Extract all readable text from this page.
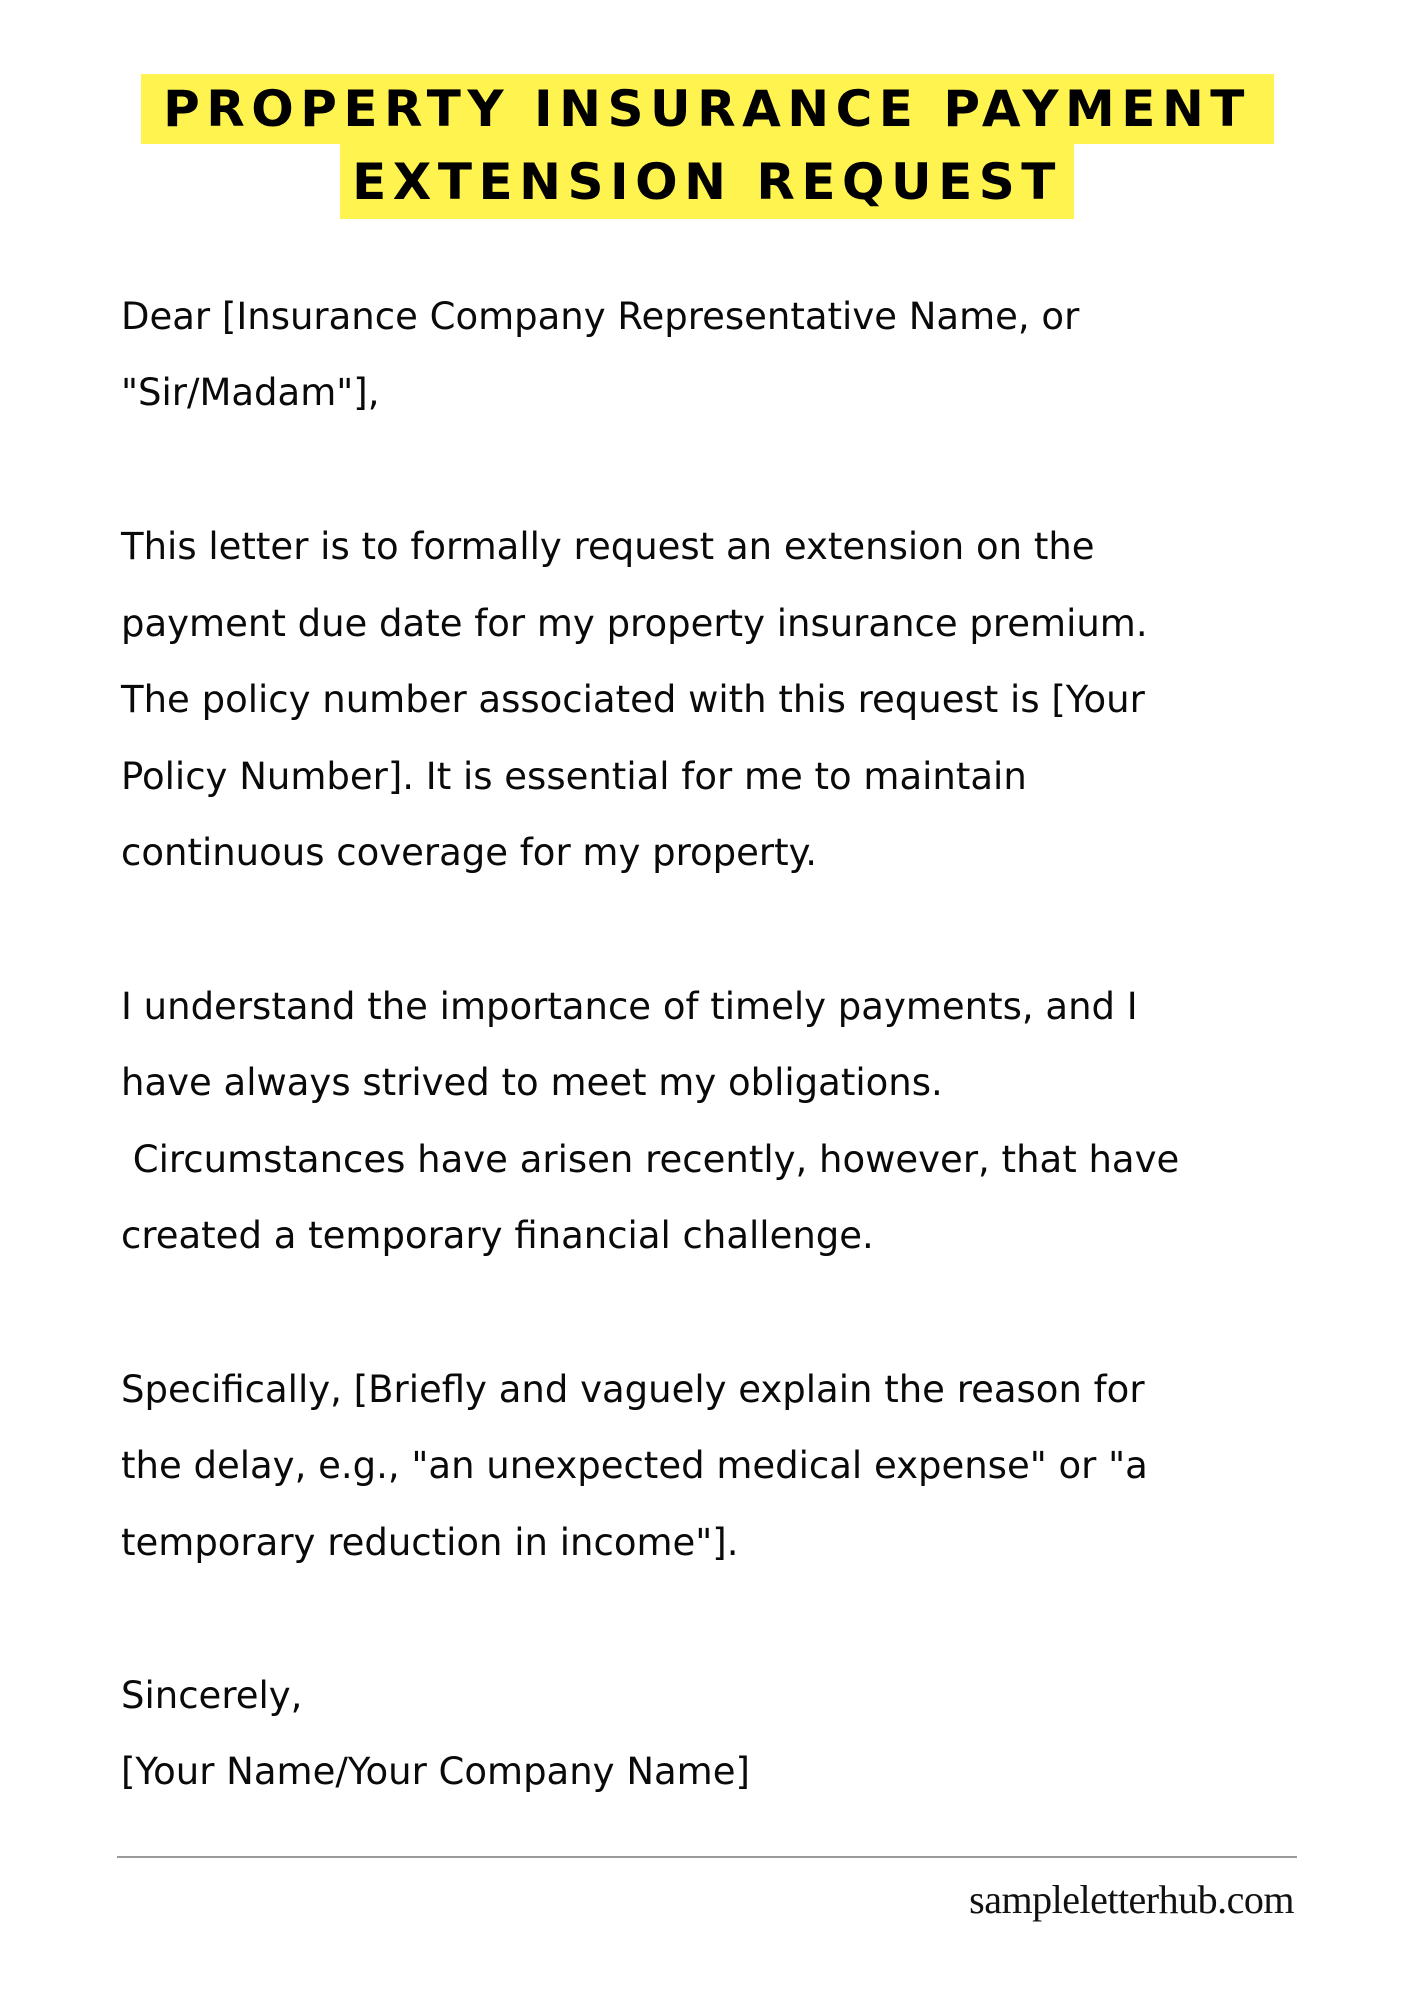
PROPERTY INSURANCE PAYMENT
EXTENSION REQUEST
Dear [Insurance Company Representative Name, or
"Sir/Madam"],
This letter is to formally request an extension on the
payment due date for my property insurance premium.
The policy number associated with this request is [Your
Policy Number]. It is essential for me to maintain
continuous coverage for my property.
I understand the importance of timely payments, and I
have always strived to meet my obligations.
Circumstances have arisen recently, however, that have
created a temporary financial challenge.
Specifically, [Briefly and vaguely explain the reason for
the delay, e.g., "an unexpected medical expense" or "a
temporary reduction in income"].
Sincerely,
[Your Name/Your Company Name]
sampleletterhub.com
